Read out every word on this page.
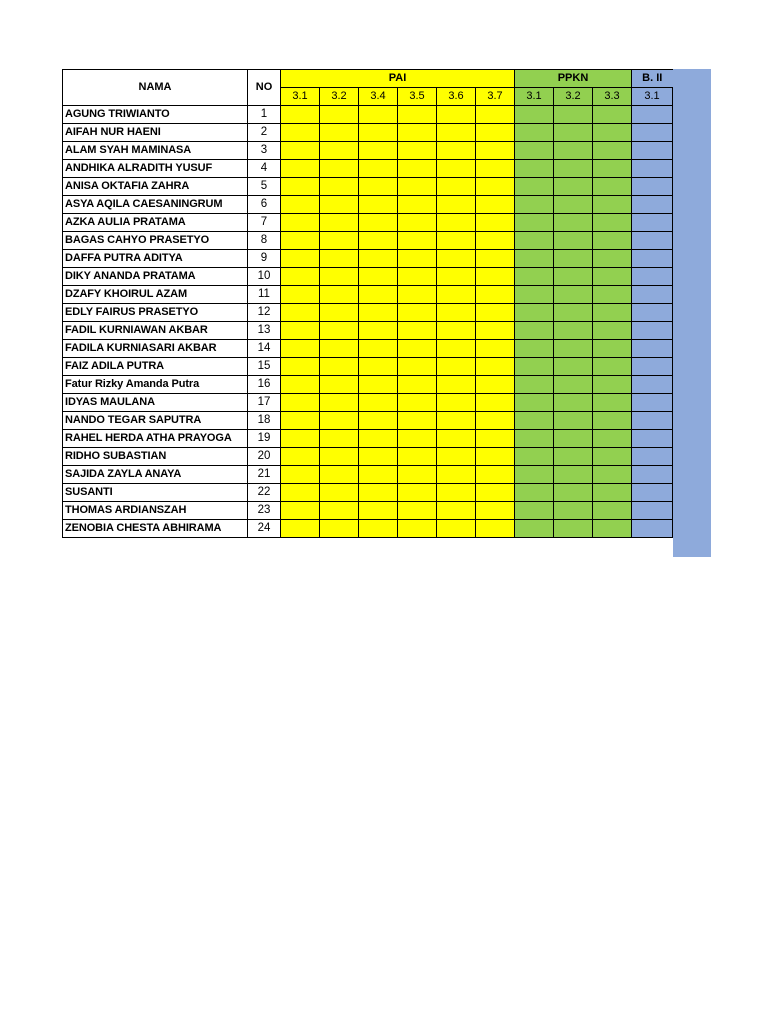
NAMA	NO	PAI						PPKN			B. II
		3.1	3.2	3.4	3.5	3.6	3.7	3.1	3.2	3.3	3.1
AGUNG TRIWIANTO	1										
AIFAH NUR HAENI	2										
ALAM SYAH MAMINASA	3										
ANDHIKA ALRADITH YUSUF	4										
ANISA OKTAFIA ZAHRA	5										
ASYA AQILA CAESANINGRUM	6										
AZKA AULIA PRATAMA	7										
BAGAS CAHYO PRASETYO	8										
DAFFA PUTRA ADITYA	9										
DIKY ANANDA PRATAMA	10										
DZAFY KHOIRUL AZAM	11										
EDLY FAIRUS PRASETYO	12										
FADIL KURNIAWAN AKBAR	13										
FADILA KURNIASARI AKBAR	14										
FAIZ ADILA PUTRA	15										
Fatur Rizky Amanda Putra	16										
IDYAS MAULANA	17										
NANDO TEGAR SAPUTRA	18										
RAHEL HERDA ATHA PRAYOGA	19										
RIDHO SUBASTIAN	20										
SAJIDA ZAYLA ANAYA	21										
SUSANTI	22										
THOMAS ARDIANSZAH	23										
ZENOBIA CHESTA ABHIRAMA	24										
